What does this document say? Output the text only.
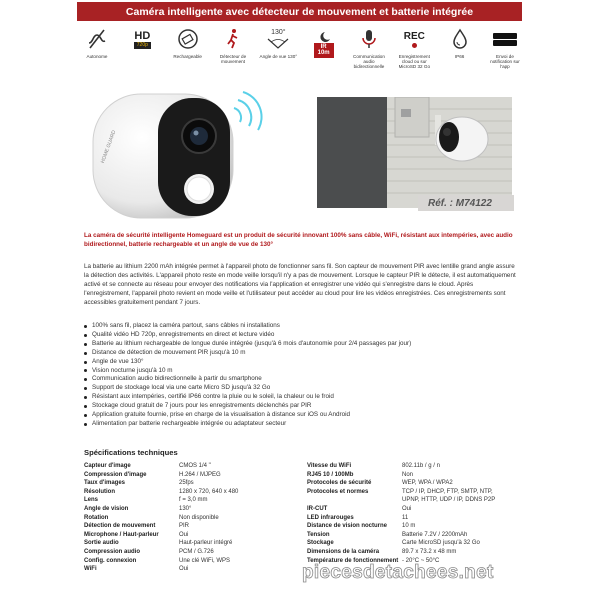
Caméra intelligente avec détecteur de mouvement et batterie intégrée
Autonome
HD
720p
Rechargeable	Détecteur de mouvement
130°
Angle de vue 130°
IR
10m
Communication audio bidirectionnelle
REC
Enregistrement cloud ou sur MicroSD 32 Go
IP66	Envoi de notification sur l'app
HOME GUARD
Réf. : M74122

La caméra de sécurité intelligente Homeguard est un produit de sécurité innovant 100% sans câble, WiFi, résistant aux intempéries, avec audio bidirectionnel, batterie rechargeable et un angle de vue de 130°

La batterie au lithium 2200 mAh intégrée permet à l'appareil photo de fonctionner sans fil. Son capteur de mouvement PIR avec lentille grand angle assure la détection des activités. L'appareil photo reste en mode veille lorsqu'il n'y a pas de mouvement. Lorsque le capteur PIR le détecte, il est automatiquement activé et se connecte au réseau pour envoyer des notifications via l'application et enregistrer une vidéo qui s'enregistre dans le cloud. Après l'enregistrement, l'appareil photo revient en mode veille et l'utilisateur peut accéder au cloud pour lire les vidéos enregistrées. Ces enregistrements sont accessibles gratuitement pendant 7 jours.

100% sans fil, placez la caméra partout, sans câbles ni installations
Qualité vidéo HD 720p, enregistrements en direct et lecture vidéo
Batterie au lithium rechargeable de longue durée intégrée (jusqu'à 6 mois d'autonomie pour 2/4 passages par jour)
Distance de détection de mouvement PIR jusqu'à 10 m
Angle de vue 130°
Vision nocturne jusqu'à 10 m
Communication audio bidirectionnelle à partir du smartphone
Support de stockage local via une carte Micro SD jusqu'à 32 Go
Résistant aux intempéries, certifié IP66 contre la pluie ou le soleil, la chaleur ou le froid
Stockage cloud gratuit de 7 jours pour les enregistrements déclenchés par PIR
Application gratuite fournie, prise en charge de la visualisation à distance sur iOS ou Android
Alimentation par batterie rechargeable intégrée ou adaptateur secteur
Spécifications techniques
Capteur d'image	CMOS 1/4 "
Compression d'image	H.264 / MJPEG
Taux d'images	25fps
Résolution	1280 x 720, 640 x 480
Lens	f = 3,0 mm
Angle de vision	130°
Rotation	Non disponible
Détection de mouvement	PIR
Microphone / Haut-parleur	Oui
Sortie audio	Haut-parleur intégré
Compression audio	PCM / G.726
Config. connexion	Une clé WiFi, WPS
WiFi	Oui
Vitesse du WiFi	802.11b / g / n
RJ45 10 / 100Mb	Non
Protocoles de sécurité	WEP, WPA / WPA2
Protocoles et normes	TCP / IP, DHCP, FTP, SMTP, NTP,
UPNP, HTTP, UDP / IP, DDNS P2P
IR-CUT	Oui
LED infrarouges	11
Distance de vision nocturne	10 m
Tension	Batterie 7.2V / 2200mAh
Stockage	Carte MicroSD jusqu'à 32 Go
Dimensions de la caméra	89.7 x 73.2 x 48 mm
Température de fonctionnement - 20°C ~ 50°C
piecesdetachees.net
